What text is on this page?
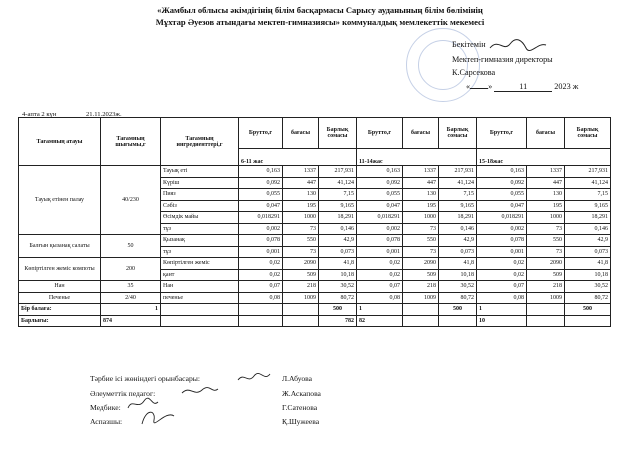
«Жамбыл облысы әкімдігінің білім басқармасы Сарысу ауданының білім бөлімінің
Мұхтар Әуезов атындағы мектеп-гимназиясы» коммуналдық мемлекеттік мекемесі
Бекітемін
Мектеп-гимназия директоры
К.Сарсекова
« »	11	2023 ж
4-апта 2 күн	21.11.2023ж.
Тағамның атауы	Тағамның шығымы,г	Тағамның ингредиенттері,г	Брутто,г	бағасы	Барлық сомасы	Брутто,г	бағасы	Барлық сомасы	Брутто,г	бағасы	Барлық сомасы
			6-11 жас			11-14жас			15-18жас		
Тауық етінен палау	40/230	Тауық еті	0,163	1337	217,931	0,163	1337	217,931	0,163	1337	217,931
		Күріш	0,092	447	41,124	0,092	447	41,124	0,092	447	41,124
		Пияз	0,055	130	7,15	0,055	130	7,15	0,055	130	7,15
		Сәбіз	0,047	195	9,165	0,047	195	9,165	0,047	195	9,165
		Өсімдік майы	0,018291	1000	18,291	0,018291	1000	18,291	0,018291	1000	18,291
		тұз	0,002	73	0,146	0,002	73	0,146	0,002	73	0,146
Балғын қызанақ салаты	50	Қызанақ	0,078	550	42,9	0,078	550	42,9	0,078	550	42,9
		тұз	0,001	73	0,073	0,001	73	0,073	0,001	73	0,073
Көпіртілген жеміс компоты	200	Көпіртілген жеміс	0,02	2090	41,8	0,02	2090	41,8	0,02	2090	41,8
		қант	0,02	509	10,18	0,02	509	10,18	0,02	509	10,18
Нан	35	Нан	0,07	218	30,52	0,07	218	30,52	0,07	218	30,52
Печенье	2/40	печенье	0,08	1009	80,72	0,08	1009	80,72	0,08	1009	80,72
Бір балаға:	1				500	1		500	1		500
Барлығы:	874				782	82			10		
Тәрбие ісі жөніндегі орынбасары:	Л.Абуова
Әлеуметтік педагог:	Ж.Аскапова
Медбике:	Г.Сатенова
Аспазшы:	Қ.Шужеева
